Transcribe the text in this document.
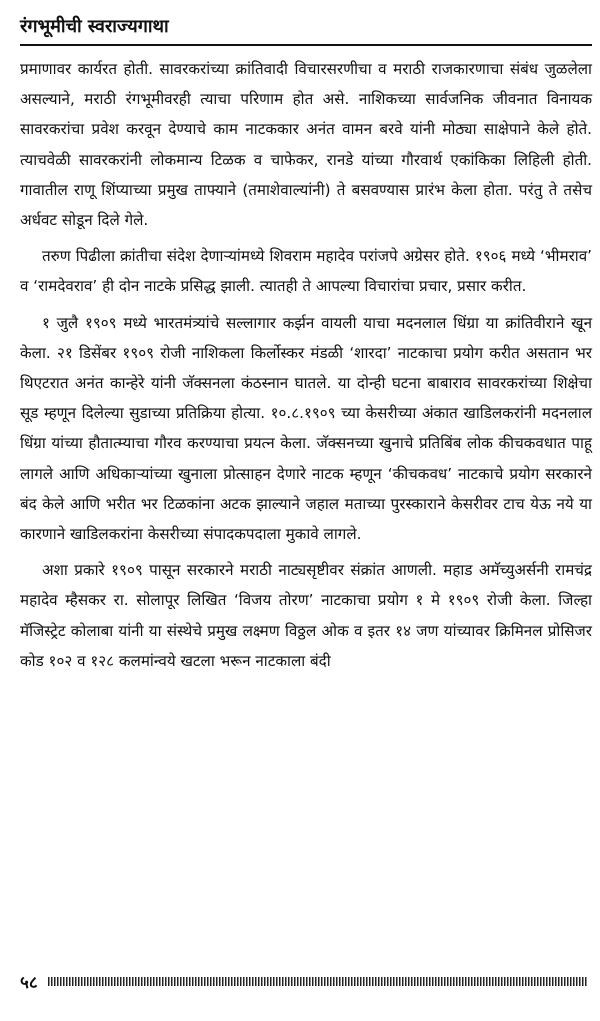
रंगभूमीची स्वराज्यगाथा

प्रमाणावर कार्यरत होती. सावरकरांच्या क्रांतिवादी विचारसरणीचा व मराठी राजकारणाचा संबंध जुळलेला असल्याने, मराठी रंगभूमीवरही त्याचा परिणाम होत असे. नाशिकच्या सार्वजनिक जीवनात विनायक सावरकरांचा प्रवेश करवून देण्याचे काम नाटककार अनंत वामन बरवे यांनी मोठ्या साक्षेपाने केले होते. त्याचवेळी सावरकरांनी लोकमान्य टिळक व चाफेकर, रानडे यांच्या गौरवार्थ एकांकिका लिहिली होती. गावातील राणू शिंप्याच्या प्रमुख ताफ्याने (तमाशेवाल्यांनी) ते बसवण्यास प्रारंभ केला होता. परंतु ते तसेच अर्धवट सोडून दिले गेले.

तरुण पिढीला क्रांतीचा संदेश देणाऱ्यांमध्ये शिवराम महादेव परांजपे अग्रेसर होते. १९०६ मध्ये ‘भीमराव’ व ‘रामदेवराव’ ही दोन नाटके प्रसिद्ध झाली. त्यातही ते आपल्या विचारांचा प्रचार, प्रसार करीत.

१ जुलै १९०९ मध्ये भारतमंत्र्यांचे सल्लागार कर्झन वायली याचा मदनलाल धिंग्रा या क्रांतिवीराने खून केला. २१ डिसेंबर १९०९ रोजी नाशिकला किर्लोस्कर मंडळी ‘शारदा’ नाटकाचा प्रयोग करीत असतान भर थिएटरात अनंत कान्हेरे यांनी जॅक्सनला कंठस्नान घातले. या दोन्ही घटना बाबाराव सावरकरांच्या शिक्षेचा सूड म्हणून दिलेल्या सुडाच्या प्रतिक्रिया होत्या. १०.८.१९०९ च्या केसरीच्या अंकात खाडिलकरांनी मदनलाल धिंग्रा यांच्या हौतात्म्याचा गौरव करण्याचा प्रयत्न केला. जॅक्सनच्या खुनाचे प्रतिबिंब लोक कीचकवधात पाहू लागले आणि अधिकाऱ्यांच्या खुनाला प्रोत्साहन देणारे नाटक म्हणून ‘कीचकवध’ नाटकाचे प्रयोग सरकारने बंद केले आणि भरीत भर टिळकांना अटक झाल्याने जहाल मताच्या पुरस्काराने केसरीवर टाच येऊ नये या कारणाने खाडिलकरांना केसरीच्या संपादकपदाला मुकावे लागले.

अशा प्रकारे १९०९ पासून सरकारने मराठी नाट्यसृष्टीवर संक्रांत आणली. महाड अमॅच्युअर्सनी रामचंद्र महादेव म्हैसकर रा. सोलापूर लिखित ‘विजय तोरण’ नाटकाचा प्रयोग १ मे १९०९ रोजी केला. जिल्हा मॅजिस्ट्रेट कोलाबा यांनी या संस्थेचे प्रमुख लक्ष्मण विठ्ठल ओक व इतर १४ जण यांच्यावर क्रिमिनल प्रोसिजर कोड १०२ व १२८ कलमांन्वये खटला भरून नाटकाला बंदी

५८
